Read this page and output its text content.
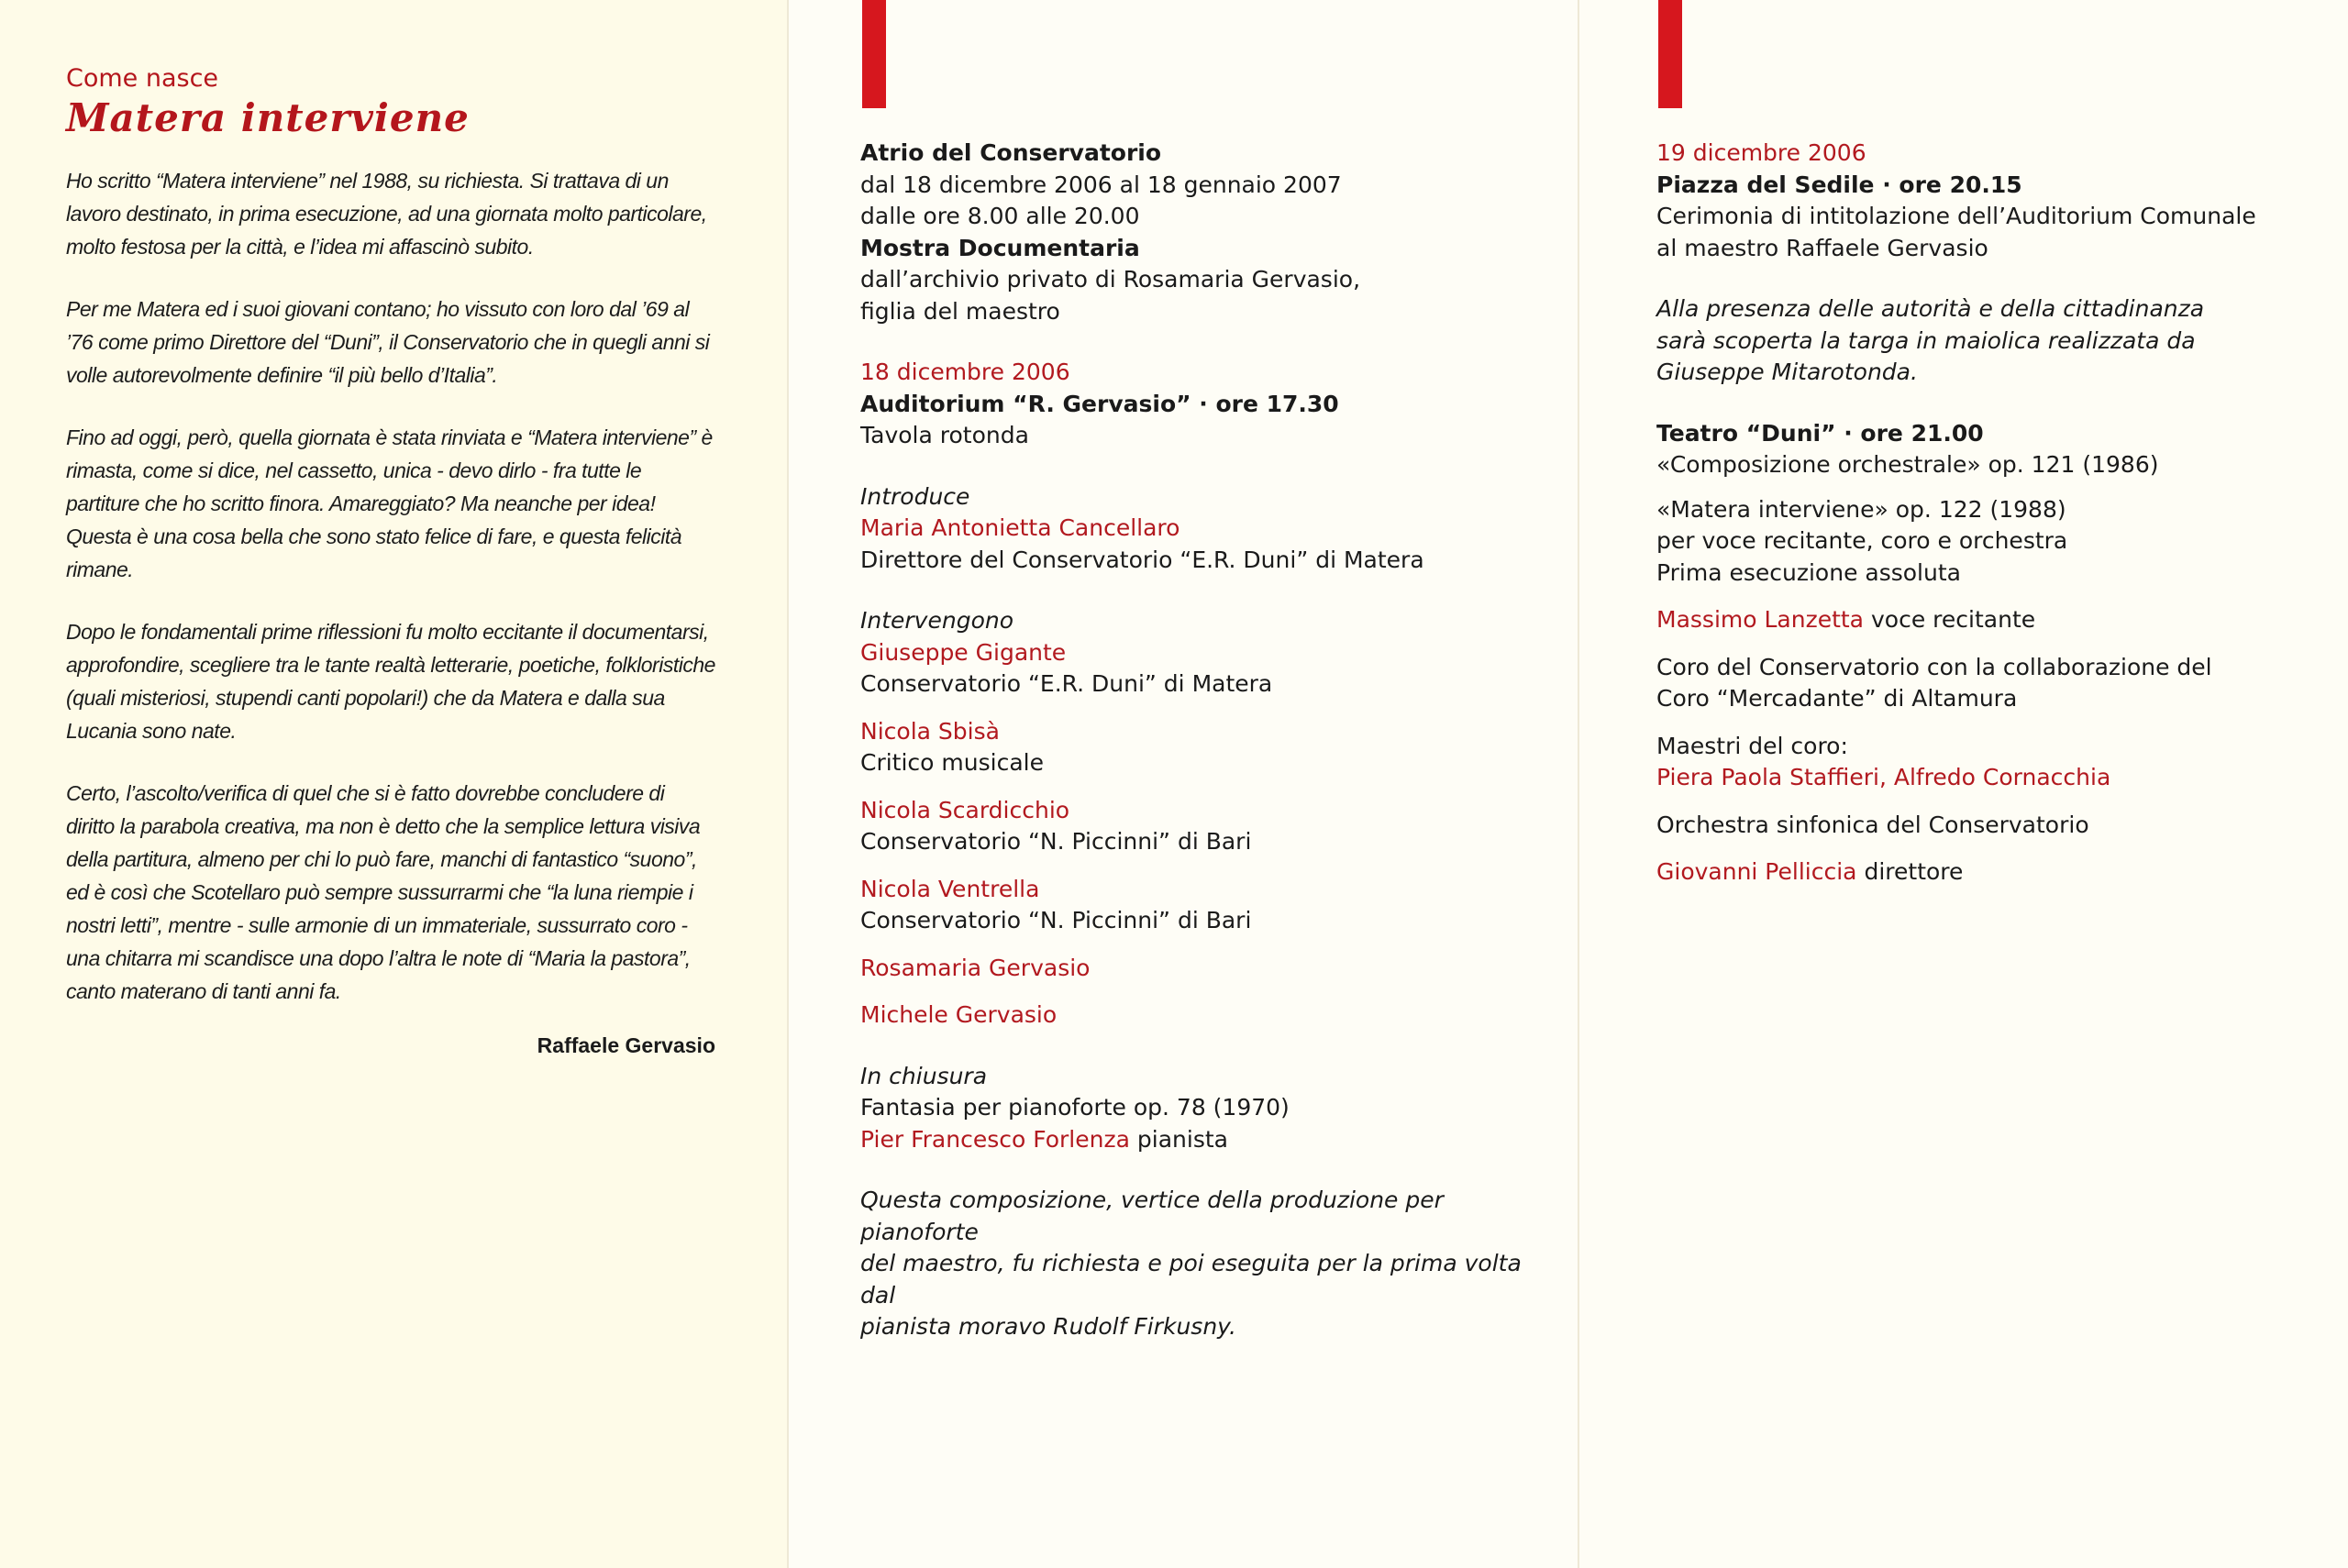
Come nasce

Matera interviene

Ho scritto “Matera interviene” nel 1988, su richiesta. Si trattava di un lavoro destinato, in prima esecuzione, ad una giornata molto particolare, molto festosa per la città, e l’idea mi affascinò subito.

Per me Matera ed i suoi giovani contano; ho vissuto con loro dal ’69 al ’76 come primo Direttore del “Duni”, il Conservatorio che in quegli anni si volle autorevolmente definire “il più bello d’Italia”.

Fino ad oggi, però, quella giornata è stata rinviata e “Matera interviene” è rimasta, come si dice, nel cassetto, unica - devo dirlo - fra tutte le partiture che ho scritto finora. Amareggiato? Ma neanche per idea! Questa è una cosa bella che sono stato felice di fare, e questa felicità rimane.

Dopo le fondamentali prime riflessioni fu molto eccitante il documentarsi, approfondire, scegliere tra le tante realtà letterarie, poetiche, folkloristiche (quali misteriosi, stupendi canti popolari!) che da Matera e dalla sua Lucania sono nate.

Certo, l’ascolto/verifica di quel che si è fatto dovrebbe concludere di diritto la parabola creativa, ma non è detto che la semplice lettura visiva della partitura, almeno per chi lo può fare, manchi di fantastico “suono”, ed è così che Scotellaro può sempre sussurrarmi che “la luna riempie i nostri letti”, mentre - sulle armonie di un immateriale, sussurrato coro - una chitarra mi scandisce una dopo l’altra le note di “Maria la pastora”, canto materano di tanti anni fa.

Raffaele Gervasio

Atrio del Conservatorio

dal 18 dicembre 2006 al 18 gennaio 2007

dalle ore 8.00 alle 20.00

Mostra Documentaria

dall’archivio privato di Rosamaria Gervasio,

figlia del maestro

18 dicembre 2006

Auditorium “R. Gervasio” · ore 17.30

Tavola rotonda

Introduce

Maria Antonietta Cancellaro

Direttore del Conservatorio “E.R. Duni” di Matera

Intervengono

Giuseppe Gigante

Conservatorio “E.R. Duni” di Matera

Nicola Sbisà

Critico musicale

Nicola Scardicchio

Conservatorio “N. Piccinni” di Bari

Nicola Ventrella

Conservatorio “N. Piccinni” di Bari

Rosamaria Gervasio

Michele Gervasio

In chiusura

Fantasia per pianoforte op. 78 (1970)

Pier Francesco Forlenza pianista

Questa composizione, vertice della produzione per pianoforte

del maestro, fu richiesta e poi eseguita per la prima volta dal

pianista moravo Rudolf Firkusny.

19 dicembre 2006

Piazza del Sedile · ore 20.15

Cerimonia di intitolazione dell’Auditorium Comunale

al maestro Raffaele Gervasio

Alla presenza delle autorità e della cittadinanza

sarà scoperta la targa in maiolica realizzata da

Giuseppe Mitarotonda.

Teatro “Duni” · ore 21.00

«Composizione orchestrale» op. 121 (1986)

«Matera interviene» op. 122 (1988)

per voce recitante, coro e orchestra

Prima esecuzione assoluta

Massimo Lanzetta voce recitante

Coro del Conservatorio con la collaborazione del

Coro “Mercadante” di Altamura

Maestri del coro:

Piera Paola Staffieri, Alfredo Cornacchia

Orchestra sinfonica del Conservatorio

Giovanni Pelliccia direttore
